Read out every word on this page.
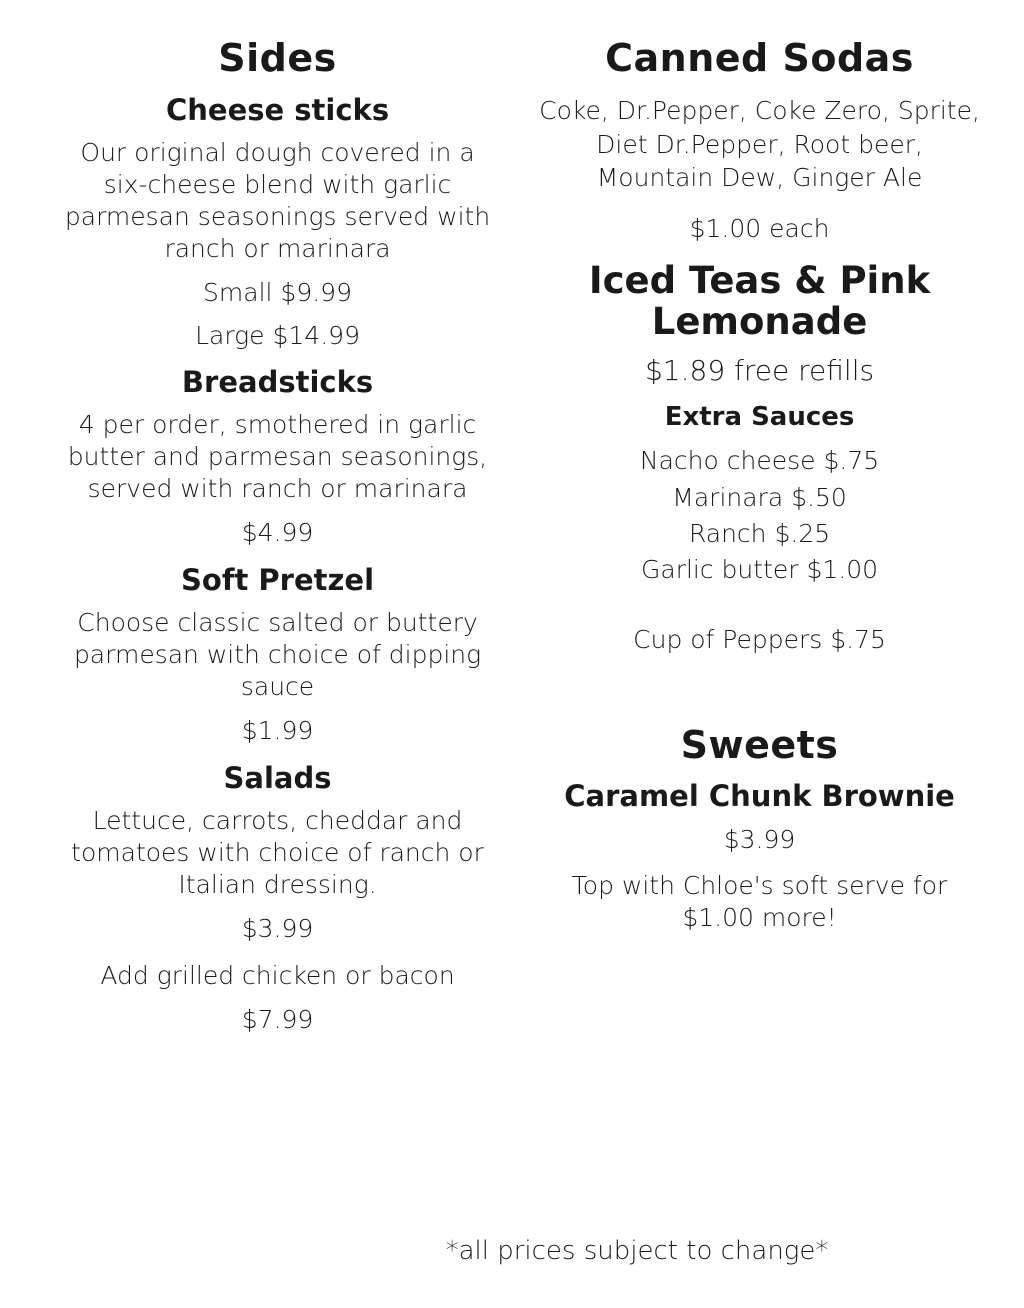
Sides
Cheese sticks
Our original dough covered in a six-cheese blend with garlic parmesan seasonings served with ranch or marinara
Small $9.99
Large $14.99
Breadsticks
4 per order, smothered in garlic butter and parmesan seasonings, served with ranch or marinara
$4.99
Soft Pretzel
Choose classic salted or buttery parmesan with choice of dipping sauce
$1.99
Salads
Lettuce, carrots, cheddar and tomatoes with choice of ranch or Italian dressing.
$3.99
Add grilled chicken or bacon
$7.99
Canned Sodas
Coke, Dr.Pepper, Coke Zero, Sprite, Diet Dr.Pepper, Root beer, Mountain Dew, Ginger Ale
$1.00 each
Iced Teas & Pink Lemonade
$1.89 free refills
Extra Sauces
Nacho cheese $.75
Marinara $.50
Ranch $.25
Garlic butter $1.00
Cup of Peppers $.75
Sweets
Caramel Chunk Brownie
$3.99
Top with Chloe's soft serve for $1.00 more!
*all prices subject to change*
